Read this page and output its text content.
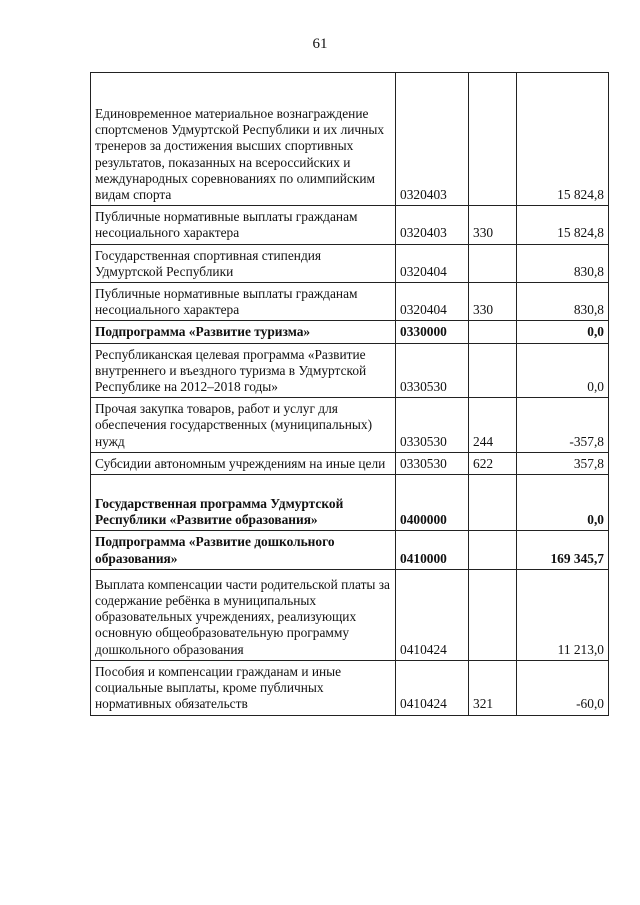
61

Единовременное материальное вознаграждение спортсменов Удмуртской Республики и их личных тренеров за достижения высших спортивных результатов, показанных на всероссийских и международных соревнованиях по олимпийским видам спорта	0320403		15 824,8
Публичные нормативные выплаты гражданам несоциального характера	0320403	330	15 824,8
Государственная спортивная стипендия Удмуртской Республики	0320404		830,8
Публичные нормативные выплаты гражданам несоциального характера	0320404	330	830,8
Подпрограмма «Развитие туризма»	0330000		0,0
Республиканская целевая программа «Развитие внутреннего и въездного туризма в Удмуртской Республике на 2012–2018 годы»	0330530		0,0
Прочая закупка товаров, работ и услуг для обеспечения государственных (муниципальных) нужд	0330530	244	-357,8
Субсидии автономным учреждениям на иные цели	0330530	622	357,8
Государственная программа Удмуртской Республики «Развитие образования»	0400000		0,0
Подпрограмма «Развитие дошкольного образования»	0410000		169 345,7
Выплата компенсации части родительской платы за содержание ребёнка в муниципальных образовательных учреждениях, реализующих основную общеобразовательную программу дошкольного образования	0410424		11 213,0
Пособия и компенсации гражданам и иные социальные выплаты, кроме публичных нормативных обязательств	0410424	321	-60,0
